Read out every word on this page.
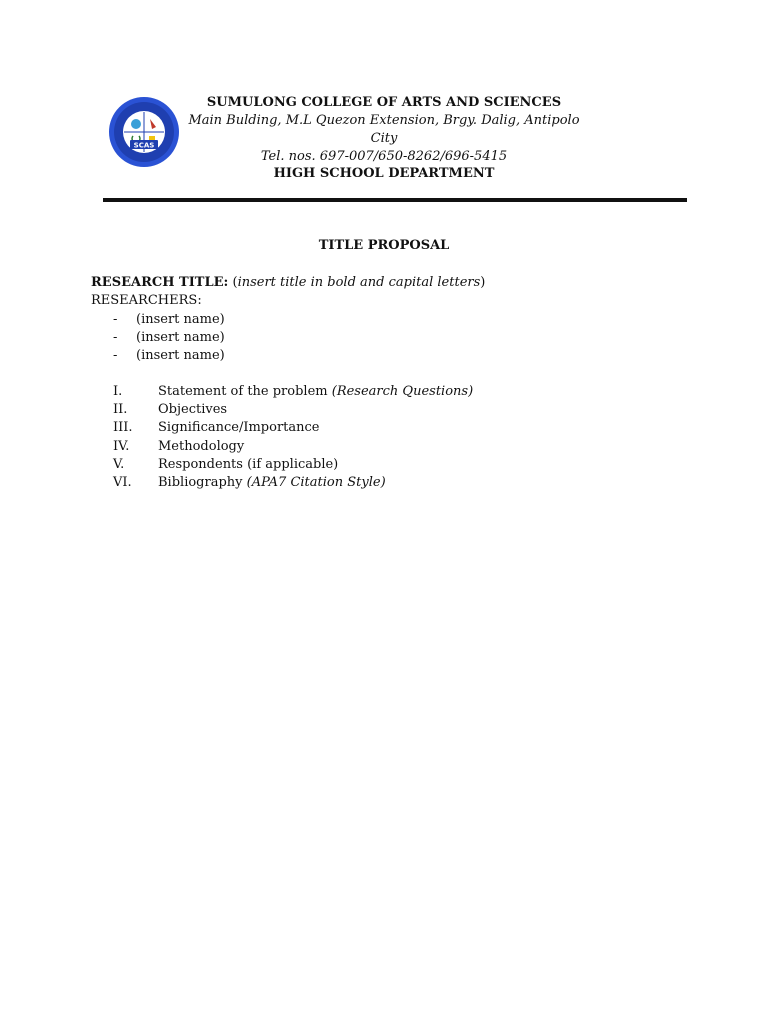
SCAS
SUMULONG COLLEGE OF ARTS AND SCIENCES
Main Bulding, M.L Quezon Extension, Brgy. Dalig, Antipolo City
Tel. nos. 697-007/650-8262/696-5415
HIGH SCHOOL DEPARTMENT
TITLE PROPOSAL
RESEARCH TITLE: (insert title in bold and capital letters)
RESEARCHERS:
- (insert name)
- (insert name)
- (insert name)
I.	Statement of the problem (Research Questions)
II. Objectives
III. Significance/Importance
IV. Methodology
V.	Respondents (if applicable)
VI. Bibliography (APA7 Citation Style)
